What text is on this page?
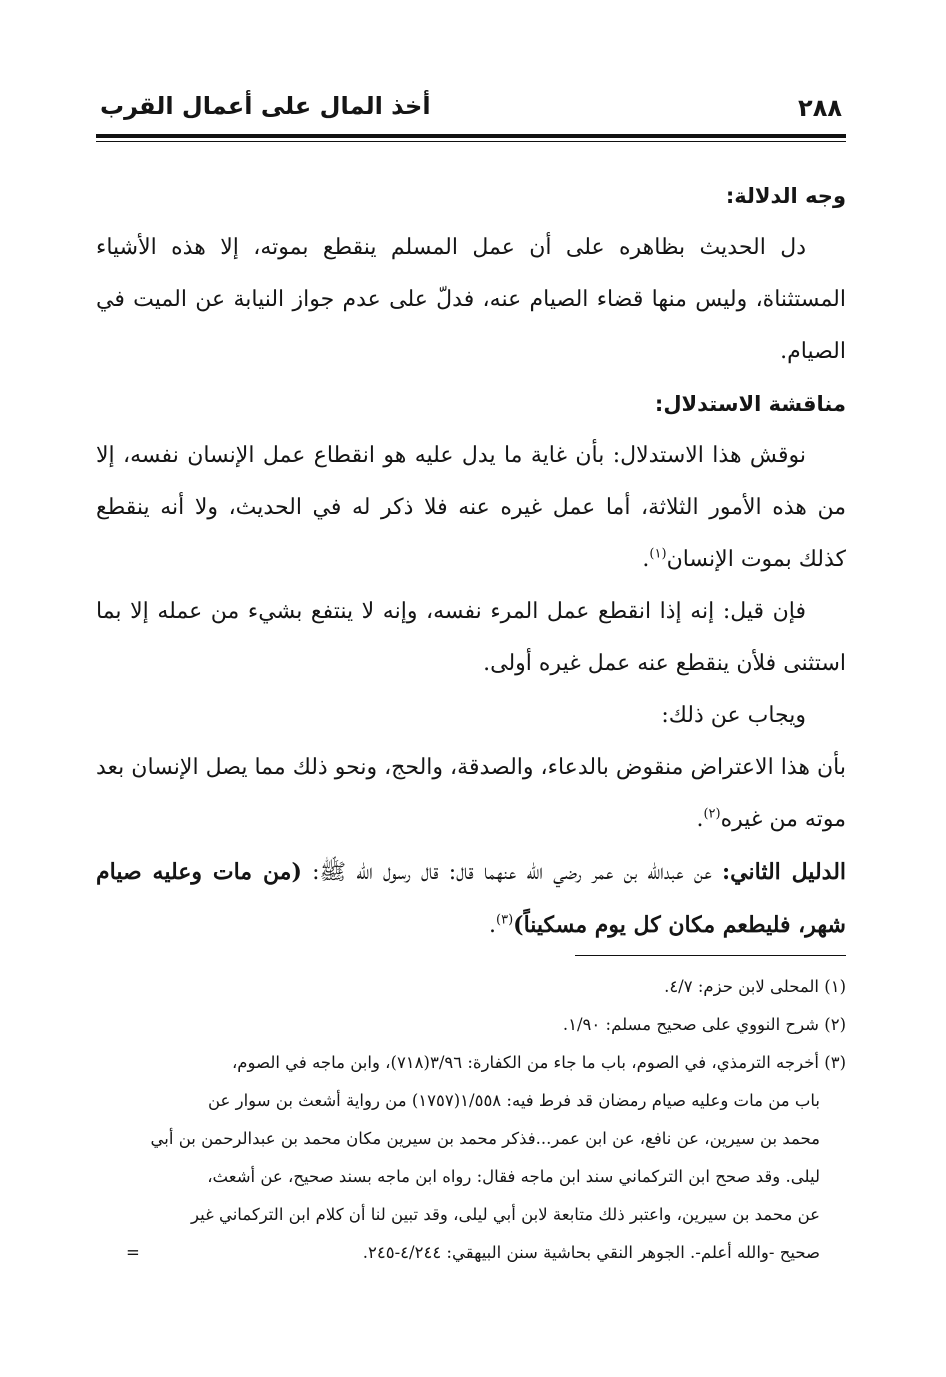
٢٨٨
أخذ المال على أعمال القرب

وجه الدلالة:

دل الحديث بظاهره على أن عمل المسلم ينقطع بموته، إلا هذه الأشياء المستثناة، وليس منها قضاء الصيام عنه، فدلّ على عدم جواز النيابة عن الميت في الصيام.

مناقشة الاستدلال:

نوقش هذا الاستدلال: بأن غاية ما يدل عليه هو انقطاع عمل الإنسان نفسه، إلا من هذه الأمور الثلاثة، أما عمل غيره عنه فلا ذكر له في الحديث، ولا أنه ينقطع كذلك بموت الإنسان$^{(١)}$.

فإن قيل: إنه إذا انقطع عمل المرء نفسه، وإنه لا ينتفع بشيء من عمله إلا بما استثنى فلأن ينقطع عنه عمل غيره أولى.

ويجاب عن ذلك:

بأن هذا الاعتراض منقوض بالدعاء، والصدقة، والحج، ونحو ذلك مما يصل الإنسان بعد موته من غيره$^{(٢)}$.

الدليل الثاني: عن عبدالله بن عمر رضي الله عنهما قال: قال رسول الله ﷺ: (من مات وعليه صيام شهر، فليطعم مكان كل يوم مسكيناً)$^{(٣)}$.

(١) المحلى لابن حزم: ٤/٧.

(٢) شرح النووي على صحيح مسلم: ١/٩٠.

(٣) أخرجه الترمذي، في الصوم، باب ما جاء من الكفارة: ٣/٩٦(٧١٨)، وابن ماجه في الصوم،

باب من مات وعليه صيام رمضان قد فرط فيه: ١/٥٥٨(١٧٥٧) من رواية أشعث بن سوار عن

محمد بن سيرين، عن نافع، عن ابن عمر...فذكر محمد بن سيرين مكان محمد بن عبدالرحمن بن أبي

ليلى. وقد صحح ابن التركماني سند ابن ماجه فقال: رواه ابن ماجه بسند صحيح، عن أشعث،

عن محمد بن سيرين، واعتبر ذلك متابعة لابن أبي ليلى، وقد تبين لنا أن كلام ابن التركماني غير

صحيح -والله أعلم-. الجوهر النقي بحاشية سنن البيهقي: ٤/٢٤٤-٢٤٥.
=
